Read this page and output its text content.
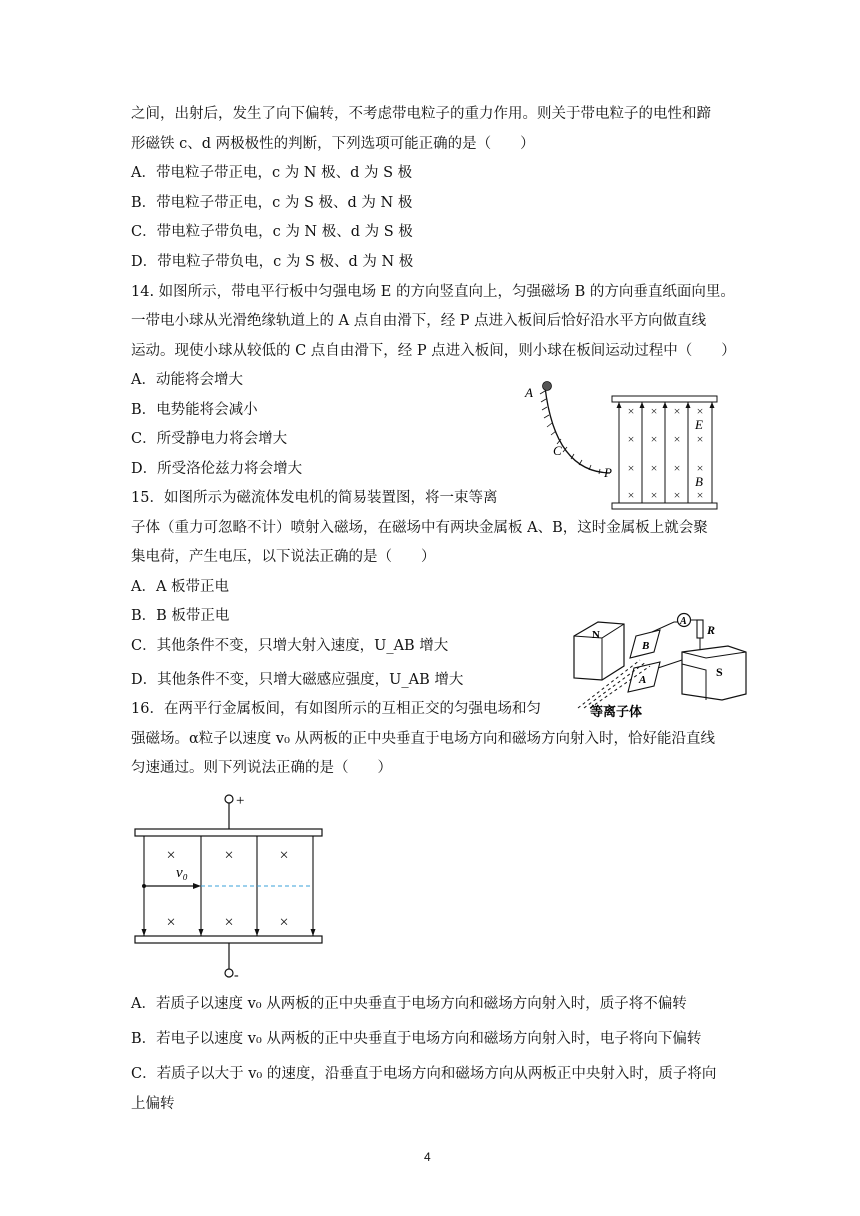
之间，出射后，发生了向下偏转，不考虑带电粒子的重力作用。则关于带电粒子的电性和蹄
形磁铁 c、d 两极极性的判断，下列选项可能正确的是（　　）
A．带电粒子带正电，c 为 N 极、d 为 S 极
B．带电粒子带正电，c 为 S 极、d 为 N 极
C．带电粒子带负电，c 为 N 极、d 为 S 极
D．带电粒子带负电，c 为 S 极、d 为 N 极
14. 如图所示，带电平行板中匀强电场 E 的方向竖直向上，匀强磁场 B 的方向垂直纸面向里。
一带电小球从光滑绝缘轨道上的 A 点自由滑下，经 P 点进入板间后恰好沿水平方向做直线
运动。现使小球从较低的 C 点自由滑下，经 P 点进入板间，则小球在板间运动过程中（　　）
A．动能将会增大
B．电势能将会减小
C．所受静电力将会增大
D．所受洛伦兹力将会增大
A
C
P
× × × ×
× × × ×
× × × ×
× × × ×
E
B
15．如图所示为磁流体发电机的简易装置图，将一束等离
子体（重力可忽略不计）喷射入磁场，在磁场中有两块金属板 A、B，这时金属板上就会聚
集电荷，产生电压，以下说法正确的是（　　）
A．A 板带正电
B．B 板带正电
C．其他条件不变，只增大射入速度，U_AB 增大
D．其他条件不变，只增大磁感应强度，U_AB 增大
N
B
A
等离子体
A
R
S
16．在两平行金属板间，有如图所示的互相正交的匀强电场和匀
强磁场。α粒子以速度 v₀ 从两板的正中央垂直于电场方向和磁场方向射入时，恰好能沿直线
匀速通过。则下列说法正确的是（　　）
+
-
×	×	×
×	×	×
v₀
A．若质子以速度 v₀ 从两板的正中央垂直于电场方向和磁场方向射入时，质子将不偏转
B．若电子以速度 v₀ 从两板的正中央垂直于电场方向和磁场方向射入时，电子将向下偏转
C．若质子以大于 v₀ 的速度，沿垂直于电场方向和磁场方向从两板正中央射入时，质子将向
上偏转
4
